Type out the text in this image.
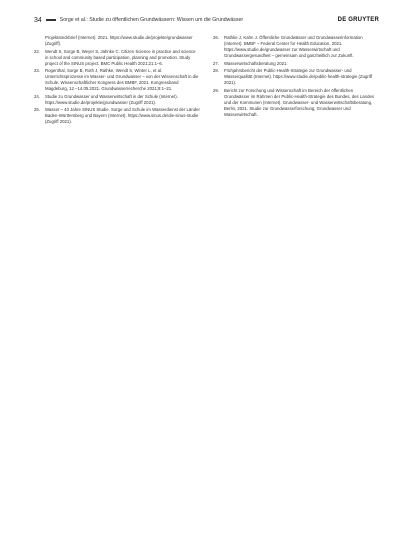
34	Sorge et al.: Studie zu öffentlichen Grundwässern: Wissen um die Grundwässer	DE GRUYTER
Projektsteckbrief (Internet). 2021. https://www.studie.de/projekte/grundwasser (Zugriff).
22.	Wendt S, Sorge B, Weyer S, Jahnke C. Citizen Science in practice and science in school and community based participation, planning and promotion. Study project of the SINUS project. BMC Public Health 2021;21:1–6.
23.	Rogenthal, Sorge B, Roth J, Rathke, Wendt S, Winter L, et al. Unterrichtsprozesse im Wasser- und Grundwasser – von der Wissenschaft in die Schule. Wissenschaftlicher Kongress des BMBF, 2021. Kongressband Magdeburg, 12.–14.05.2021. Grundwasserrecherche 2021;8:1–21.
24.	Studie zu Grundwasser und Wasserwirtschaft in der Schule (Internet). https://www.studie.de/projekte/grundwasser (Zugriff 2021).
25.	Wasser – 40 Jahre SINUS Studie. Sorge und Schule im Wasserdienst der Länder Baden-Württemberg und Bayern (Internet). https://www.sinus.de/die-sinus-studie (Zugriff 2021).
26.	Rathke J, Kahn J. Öffentliche Grundwässer und Grundwasserinformation (Internet). BMBF – Federal Center for Health Education, 2021. https://www.studie.de/grundwasser zur Wasserwirtschaft und Grundwassergesundheit – gemeinsam und ganzheitlich zur Zukunft.
27.	Wasserwirtschaftsberatung 2021.
28.	Frühjahrsbericht der Public-Health-Strategie zur Grundwasser- und Wasserqualität (Internet). https://www.studie.de/public-health-strategie (Zugriff 2021).
29.	Bericht zur Forschung und Wissenschaft im Bereich der öffentlichen Grundwässer im Rahmen der Public-Health-Strategie des Bundes, des Landes und der Kommunen (Internet). Grundwasser- und Wasserwirtschaftsberatung, Berlin, 2021. Studie zur Grundwasserforschung, Grundwasser und Wasserwirtschaft.
